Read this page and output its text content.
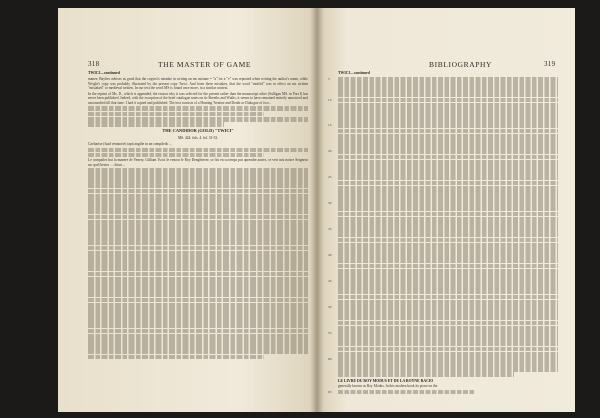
318	THE MASTER OF GAME
TWICI—continued

manes; Baylies advises us good that the copyist's mistake in writing an ms suisune = "a" for a "v" was repeated when writing the author's name, while Wright's copy was probably illustrated by the present copy Twici. And from these mistakes, that the word "moifed" was in effect an ms written "mistaked" or medieval written. In our text the word MS is found once more, in a similar context.

In the reprint of Ms. D., which is appended, the reason why it was selected for the present rather than the manuscript other (Sulligan MS. in Part I) has never been published. Indeed, with the exception of the brief catalogue notes on its Sheeths and Wuths, it seems to have remained entirely unnoticed and unconsulted till that time. I had it copied and published. The text consists of a Hunting Treatise and Doubt or Dialogue of two...

THE CANDIDOR (GOLD) "TWICI"

MS. 424. fols. 4. fol. 31-33.

Cavbarise (fuad venatorie) tapit angilie in an compiledo ...

Le compailes but la manere de Venery, Gilliam Twici le venour le Roy Dengleterre, se fist en sa temps pur aprendre autres, ce vest assi nostre Seigneur sur quel bestes .... doun ...

BIBLIOGRAPHY	319
TWICI—continued
5
10
15
20
25
30
35
40
45
50
55
60

LE LIVRE DU ROY MODUS ET DE LA ROYNE RACIO

generally known as Roy Modus. In this modern book its prose on the

65
